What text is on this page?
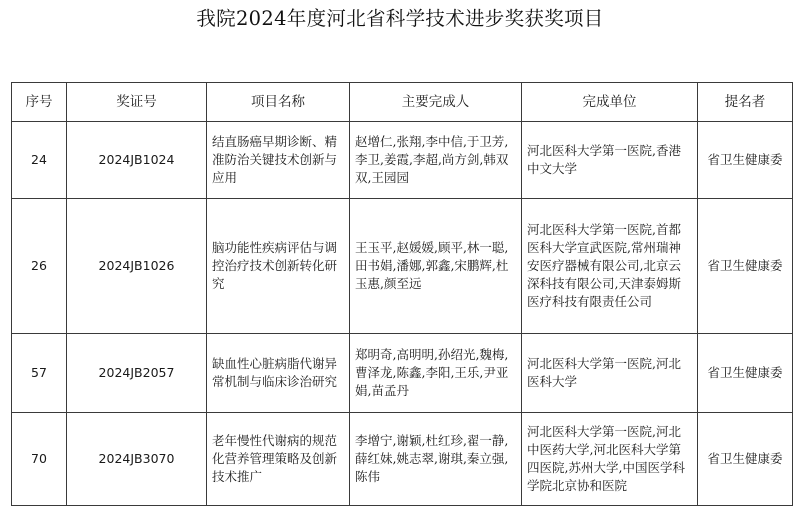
我院2024年度河北省科学技术进步奖获奖项目
序号	奖证号	项目名称	主要完成人	完成单位	提名者
24	2024JB1024	结直肠癌早期诊断、精准防治关键技术创新与应用	赵增仁,张翔,李中信,于卫芳,李卫,姜霞,李超,尚方剑,韩双双,王园园	河北医科大学第一医院,香港中文大学	省卫生健康委
26	2024JB1026	脑功能性疾病评估与调控治疗技术创新转化研究	王玉平,赵媛媛,顾平,林一聪,田书娟,潘娜,郭鑫,宋鹏辉,杜玉惠,颜至远	河北医科大学第一医院,首都医科大学宣武医院,常州瑞神安医疗器械有限公司,北京云深科技有限公司,天津泰姆斯医疗科技有限责任公司	省卫生健康委
57	2024JB2057	缺血性心脏病脂代谢异常机制与临床诊治研究	郑明奇,高明明,孙绍光,魏梅,曹泽龙,陈鑫,李阳,王乐,尹亚娟,苗孟丹	河北医科大学第一医院,河北医科大学	省卫生健康委
70	2024JB3070	老年慢性代谢病的规范化营养管理策略及创新技术推广	李增宁,谢颖,杜红珍,翟一静,薛红妹,姚志翠,谢琪,秦立强,陈伟	河北医科大学第一医院,河北中医药大学,河北医科大学第四医院,苏州大学,中国医学科学院北京协和医院	省卫生健康委
